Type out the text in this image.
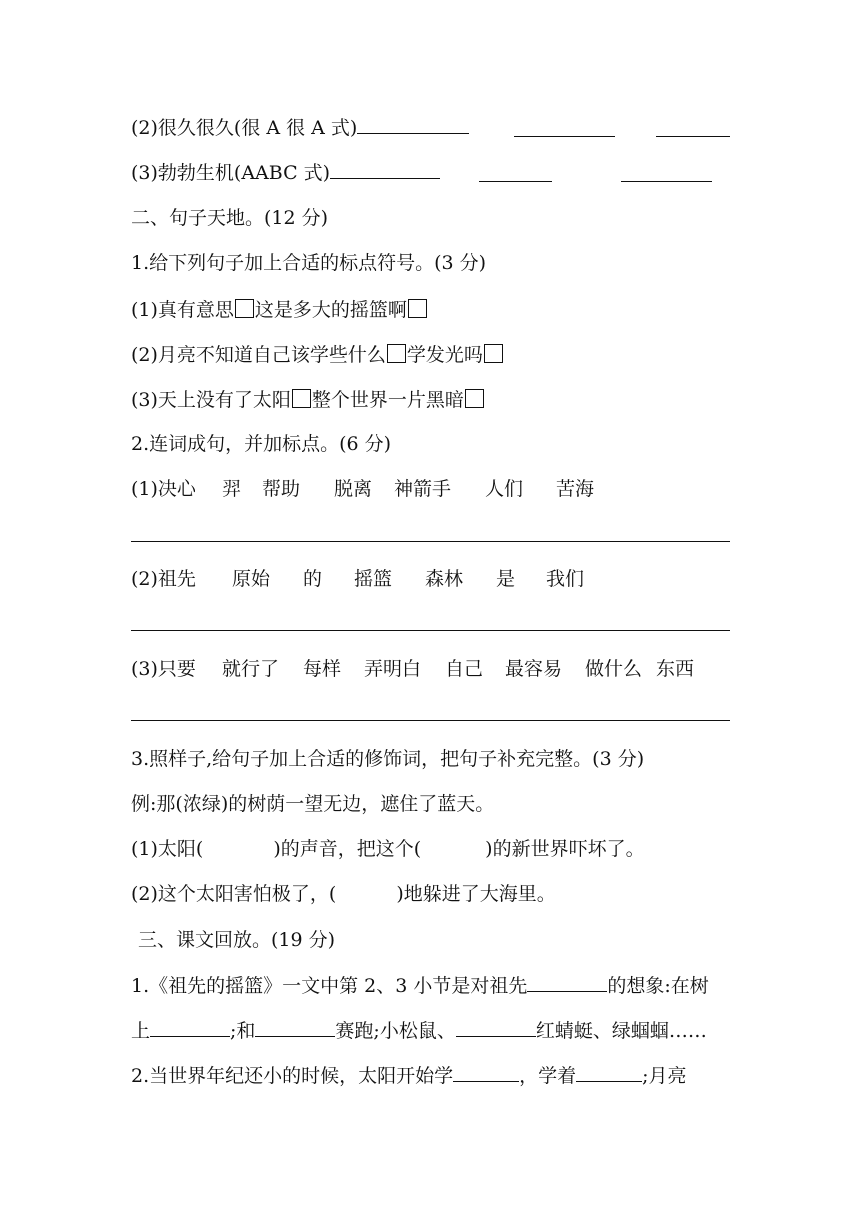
(2)很久很久(很 A 很 A 式)
(3)勃勃生机(AABC 式)
二、句子天地。(12 分)
1.给下列句子加上合适的标点符号。(3 分)
(1)真有意思 这是多大的摇篮啊
(2)月亮不知道自己该学些什么 学发光吗
(3)天上没有了太阳 整个世界一片黑暗
2.连词成句，并加标点。(6 分)
(1)决心 羿 帮助 脱离 神箭手 人们 苦海
(2)祖先 原始 的 摇篮 森林 是 我们
(3)只要 就行了 每样 弄明白 自己 最容易 做什么 东西
3.照样子,给句子加上合适的修饰词，把句子补充完整。(3 分)
例:那(浓绿)的树荫一望无边，遮住了蓝天。
(1)太阳(	)的声音，把这个(	)的新世界吓坏了。
(2)这个太阳害怕极了，(	)地躲进了大海里。
三、课文回放。(19 分)
1.《祖先的摇篮》一文中第 2、3 小节是对祖先	的想象:在树
上	;和	赛跑;小松鼠、	红蜻蜓、绿蝈蝈……
2.当世界年纪还小的时候，太阳开始学	，学着	;月亮
